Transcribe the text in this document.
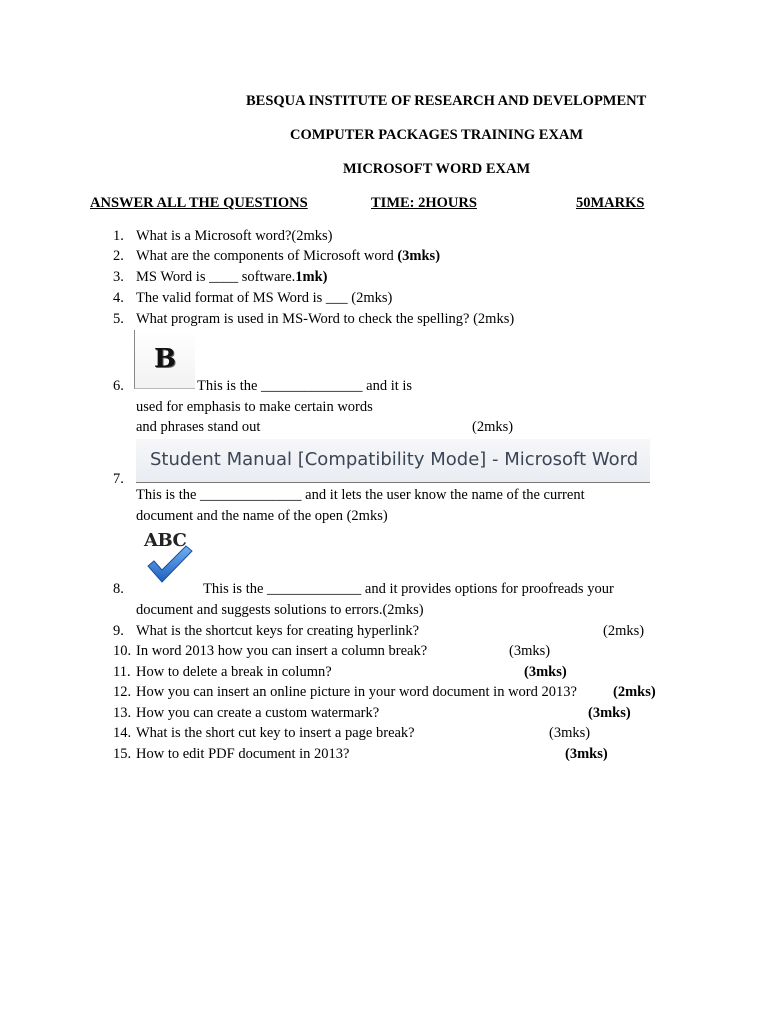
BESQUA INSTITUTE OF RESEARCH AND DEVELOPMENT
COMPUTER PACKAGES TRAINING EXAM
MICROSOFT WORD EXAM
ANSWER ALL THE QUESTIONS	TIME: 2HOURS	50MARKS
1. What is a Microsoft word?(2mks)
2. What are the components of Microsoft word (3mks)
3. MS Word is ____ software.1mk)
4. The valid format of MS Word is ___ (2mks)
5. What program is used in MS-Word to check the spelling? (2mks)
B
6.	This is the ______________ and it is
used for emphasis to make certain words
and phrases stand out	(2mks)
Student Manual [Compatibility Mode] - Microsoft Word
7.
This is the ______________ and it lets the user know the name of the current
document and the name of the open (2mks)
ABC
8.	This is the _____________ and it provides options for proofreads your
document and suggests solutions to errors.(2mks)
9. What is the shortcut keys for creating hyperlink?	(2mks)
10. In word 2013 how you can insert a column break?	(3mks)
11. How to delete a break in column?	(3mks)
12. How you can insert an online picture in your word document in word 2013? (2mks)
13. How you can create a custom watermark?	(3mks)
14. What is the short cut key to insert a page break?	(3mks)
15. How to edit PDF document in 2013?	(3mks)
